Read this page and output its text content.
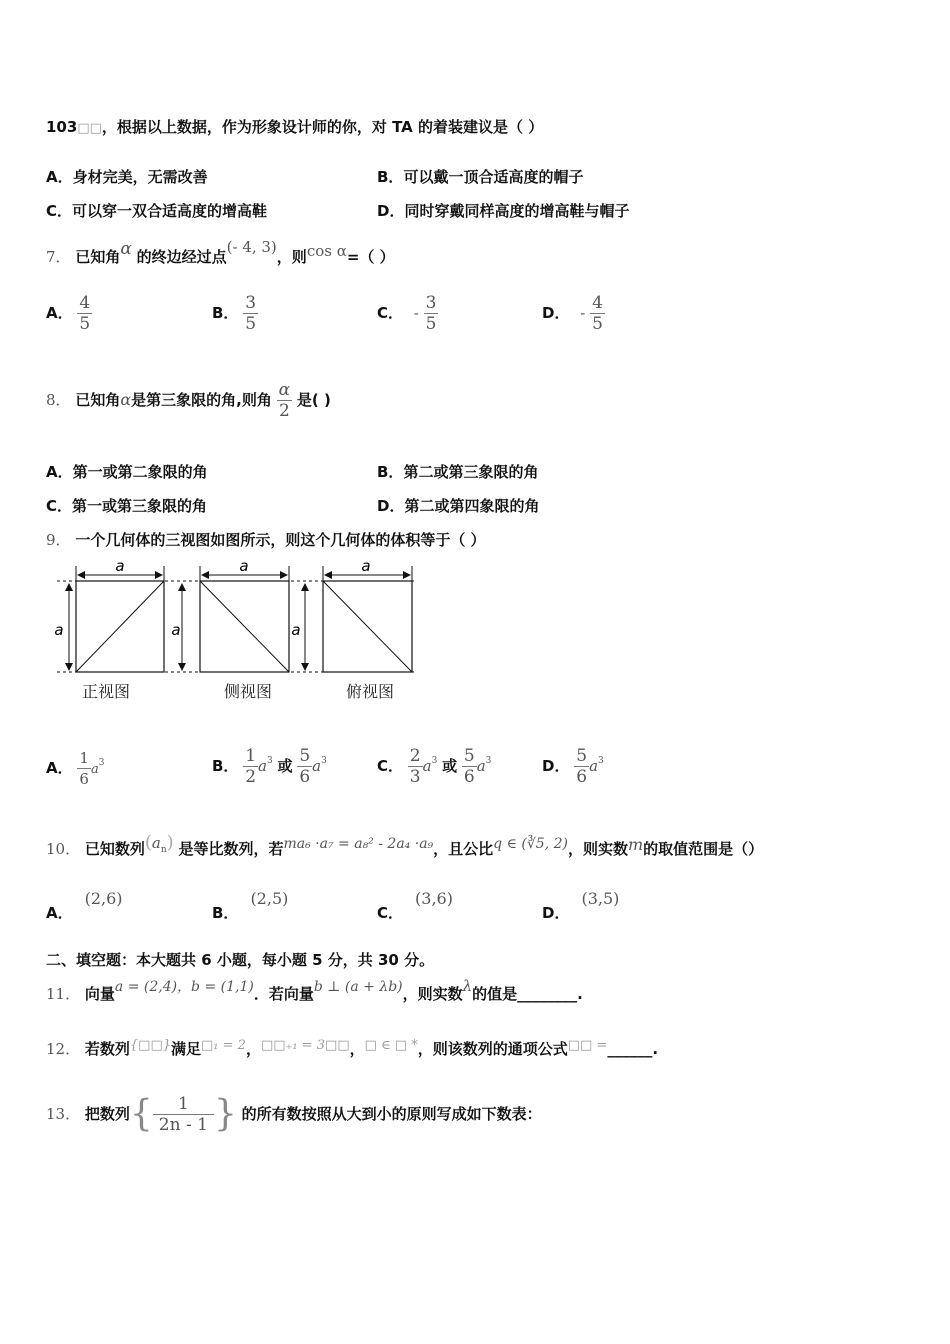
103□□，根据以上数据，作为形象设计师的你，对 TA 的着装建议是（ ）
A．身材完美，无需改善	B．可以戴一顶合适高度的帽子
C．可以穿一双合适高度的增高鞋	D．同时穿戴同样高度的增高鞋与帽子
7． 已知角α 的终边经过点(- 4, 3)，则cos α=（ ）
A． $\frac{4}{5}$	B． $\frac{3}{5}$	C． - $\frac{3}{5}$	D． - $\frac{4}{5}$
8． 已知角α是第三象限的角,则角 $\frac{\alpha}{2}$ 是( )
A．第一或第二象限的角	B．第二或第三象限的角
C．第一或第三象限的角	D．第二或第四象限的角
9． 一个几何体的三视图如图所示，则这个几何体的体积等于（ ）
a
a
正视图
a
a
侧视图
a
a
俯视图
A． $\frac{1}{6} a^3$	B． $\frac{1}{2} a^3$ 或 $\frac{5}{6} a^3$	C． $\frac{2}{3} a^3$ 或 $\frac{5}{6} a^3$	D． $\frac{5}{6} a^3$
10． 已知数列$(a^n)$ 是等比数列，若ma₆ ·a₇ = a₈² - 2a₄ ·a₉，且公比q ∈ (∛5, 2)，则实数m的取值范围是（）
A．(2,6)
B．(2,5)
C．(3,6)
D．(3,5)
二、填空题：本大题共 6 小题，每小题 5 分，共 30 分。
11． 向量a = (2,4)，b = (1,1)．若向量b ⊥ (a + λb)，则实数λ的值是________.
12． 若数列{□□}满足□₁ = 2，□□₊₁ = 3□□，□ ∈ □ *，则该数列的通项公式□□ =______.
13． 把数列{ $\frac{1}{2n - 1}$ } 的所有数按照从大到小的原则写成如下数表：
